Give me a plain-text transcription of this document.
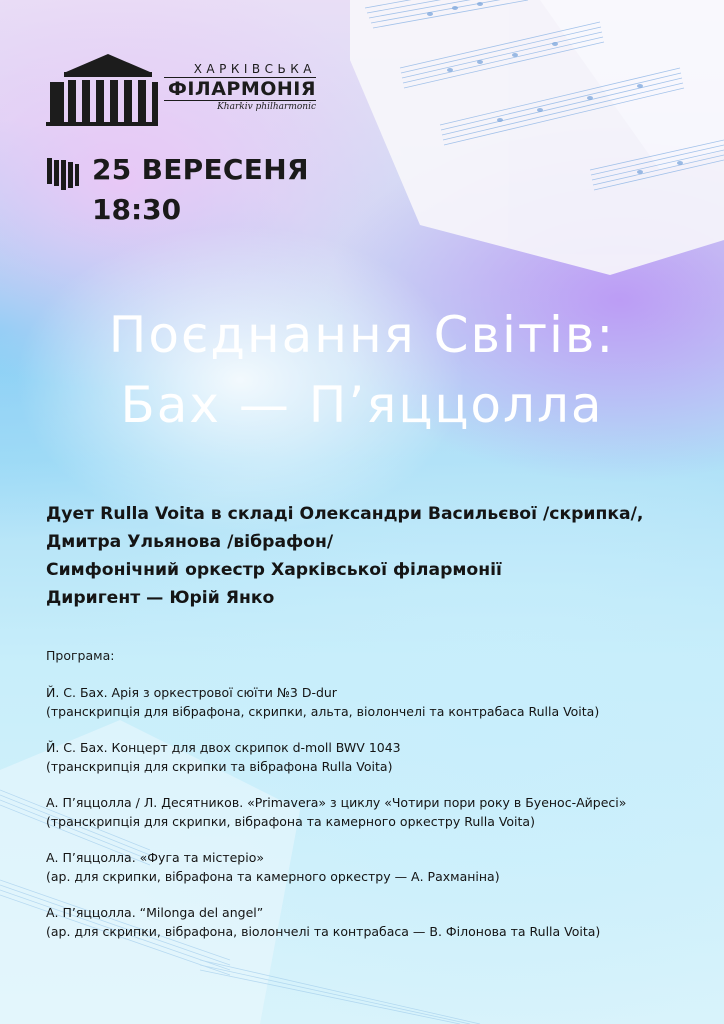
ХАРКІВСЬКА
ФІЛАРМОНІЯ
Kharkiv philharmonic
25 ВЕРЕСЕНЯ
18:30
Поєднання Світів:
Бах — П’яццолла
Дует Rulla Voita в складі Олександри Васильєвої /скрипка/,
Дмитра Ульянова /вібрафон/
Симфонічний оркестр Харківської філармонії
Диригент — Юрій Янко
Програма:
Й. С. Бах. Арія з оркестрової сюїти №3 D-dur
(транскрипція для вібрафона, скрипки, альта, віолончелі та контрабаса Rulla Voita)
Й. С. Бах. Концерт для двох скрипок d-moll BWV 1043
(транскрипція для скрипки та вібрафона Rulla Voita)
А. П’яццолла / Л. Десятников. «Primavera» з циклу «Чотири пори року в Буенос-Айресі»
(транскрипція для скрипки, вібрафона та камерного оркестру Rulla Voita)
А. П’яццолла. «Фуга та містеріо»
(ар. для скрипки, вібрафона та камерного оркестру — А. Рахманіна)
А. П’яццолла. “Milonga del angel”
(ар. для скрипки, вібрафона, віолончелі та контрабаса — В. Філонова та Rulla Voita)
